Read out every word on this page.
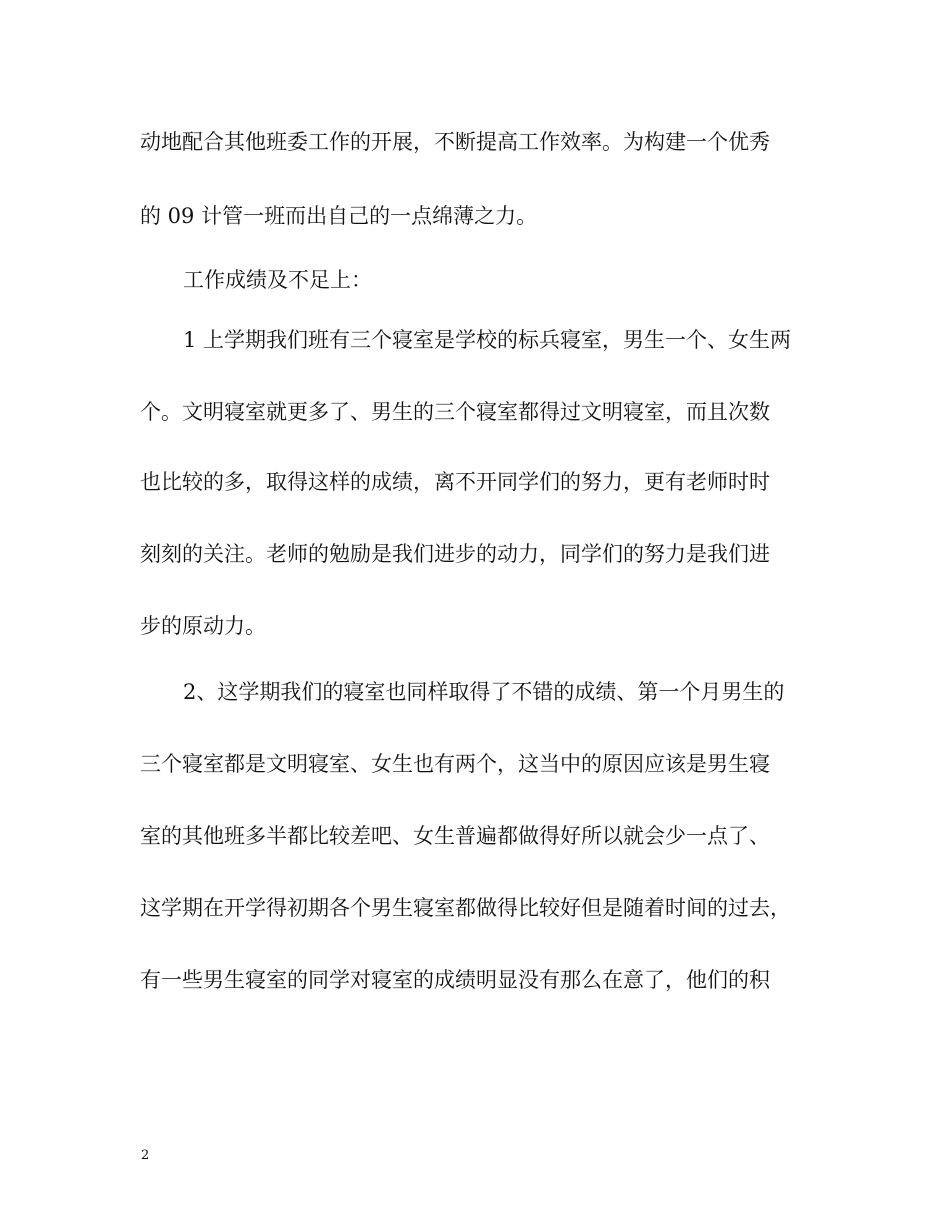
动地配合其他班委工作的开展，不断提高工作效率。为构建一个优秀
的 09 计管一班而出自己的一点绵薄之力。
工作成绩及不足上：
1 上学期我们班有三个寝室是学校的标兵寝室，男生一个、女生两
个。文明寝室就更多了、男生的三个寝室都得过文明寝室，而且次数
也比较的多，取得这样的成绩，离不开同学们的努力，更有老师时时
刻刻的关注。老师的勉励是我们进步的动力，同学们的努力是我们进
步的原动力。
2、这学期我们的寝室也同样取得了不错的成绩、第一个月男生的
三个寝室都是文明寝室、女生也有两个，这当中的原因应该是男生寝
室的其他班多半都比较差吧、女生普遍都做得好所以就会少一点了、
这学期在开学得初期各个男生寝室都做得比较好但是随着时间的过去，
有一些男生寝室的同学对寝室的成绩明显没有那么在意了，他们的积
2
